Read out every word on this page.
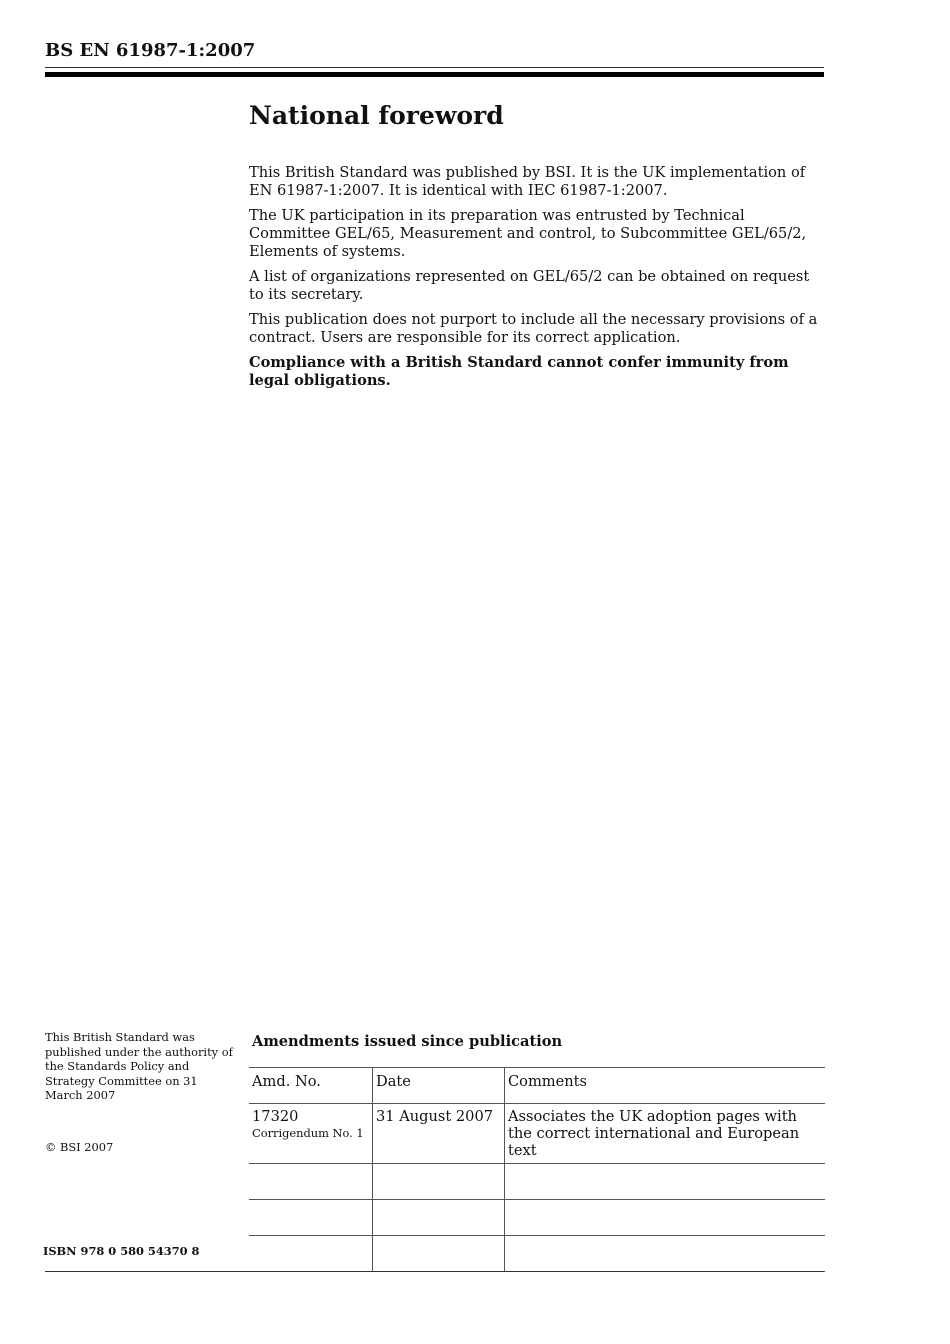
BS EN 61987-1:2007
National foreword

This British Standard was published by BSI. It is the UK implementation of EN 61987-1:2007. It is identical with IEC 61987-1:2007.

The UK participation in its preparation was entrusted by Technical Committee GEL/65, Measurement and control, to Subcommittee GEL/65/2, Elements of systems.

A list of organizations represented on GEL/65/2 can be obtained on request to its secretary.

This publication does not purport to include all the necessary provisions of a contract. Users are responsible for its correct application.

Compliance with a British Standard cannot confer immunity from legal obligations.

This British Standard was published under the authority of the Standards Policy and Strategy Committee on 31 March 2007
© BSI 2007
ISBN 978 0 580 54370 8
Amendments issued since publication
Amd. No.	Date	Comments

17320
Corrigendum No. 1	31 August 2007	Associates the UK adoption pages with the correct international and European text
